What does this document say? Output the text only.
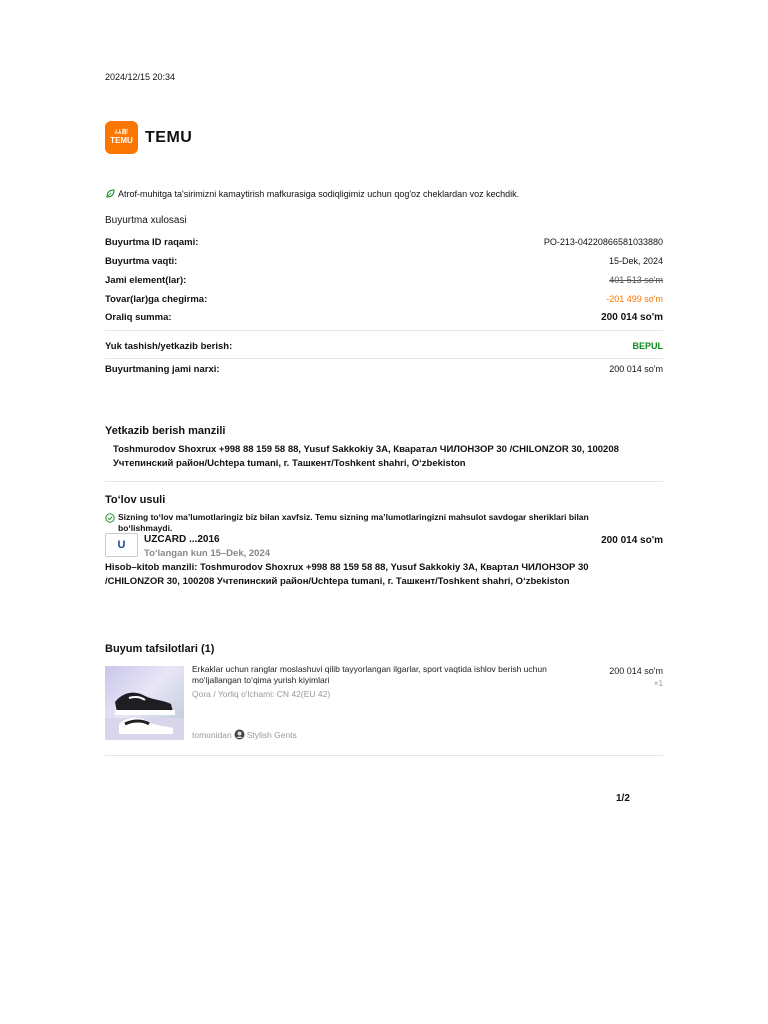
2024/12/15 20:34
ﾑﾑ卸
TEMU TEMU
Atrof-muhitga ta'sirimizni kamaytirish mafkurasiga sodiqligimiz uchun qog'oz cheklardan voz kechdik.
Buyurtma xulosasi
Buyurtma ID raqami:	PO-213-04220866581033880
Buyurtma vaqti:	15-Dek, 2024
Jami element(lar):	401 513 so'm
Tovar(lar)ga chegirma:	-201 499 so'm
Oraliq summa:	200 014 so'm
Yuk tashish/yetkazib berish:	BEPUL
Buyurtmaning jami narxi:	200 014 so'm
Yetkazib berish manzili
Toshmurodov Shoxrux +998 88 159 58 88, Yusuf Sakkokiy 3A, Кварaтал ЧИЛОНЗОР 30 /CHILONZOR 30, 100208 Учтепинский район/Uchtepa tumani, г. Ташкент/Toshkent shahri, O‘zbekiston
To‘lov usuli
Sizning to‘lov ma’lumotlaringiz biz bilan xavfsiz. Temu sizning ma’lumotlaringizni mahsulot savdogar sheriklari bilan bo‘lishmaydi.
U	UZCARD ...2016
To‘langan kun 15–Dek, 2024
200 014 so'm
Hisob–kitob manzili: Toshmurodov Shoxrux +998 88 159 58 88, Yusuf Sakkokiy 3A, Квартал ЧИЛОНЗОР 30 /CHILONZOR 30, 100208 Учтепинский район/Uchtepa tumani, г. Ташкент/Toshkent shahri, O‘zbekiston
Buyum tafsilotlari (1)
Erkaklar uchun ranglar moslashuvi qilib tayyorlangan ilgarlar, sport vaqtida ishlov berish uchun mo‘ljallangan to‘qima yurish kiyimlari
Qora / Yorliq o'lchami: CN 42(EU 42)
200 014 so'm
×1
tomonidan Stylish Gents
1/2
